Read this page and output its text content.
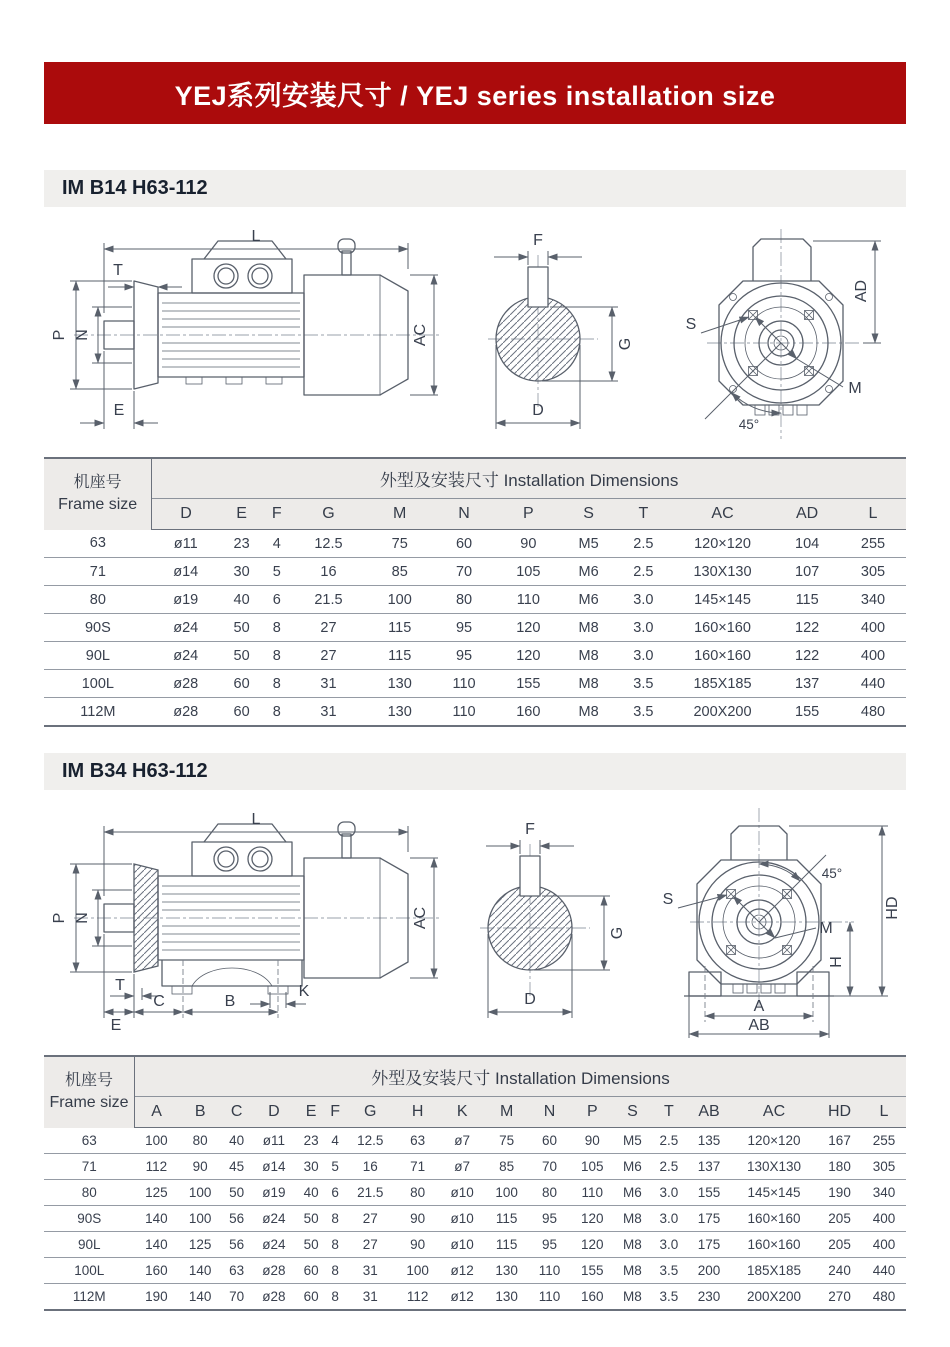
YEJ系列安装尺寸 / YEJ series installation size
IM B14 H63-112
L
T
P N
E
AC
F
G
D
S
M
AD
45°
机座号
Frame size	外型及安装尺寸 Installation Dimensions											
	D	E	F	G	M	N	P	S	T	AC	AD	L
63	ø11	23	4	12.5	75	60	90	M5	2.5	120×120	104	255
71	ø14	30	5	16	85	70	105	M6	2.5	130X130	107	305
80	ø19	40	6	21.5	100	80	110	M6	3.0	145×145	115	340
90S	ø24	50	8	27	115	95	120	M8	3.0	160×160	122	400
90L	ø24	50	8	27	115	95	120	M8	3.0	160×160	122	400
100L	ø28	60	8	31	130	110	155	M8	3.5	185X185	137	440
112M	ø28	60	8	31	130	110	160	M8	3.5	200X200	155	480
IM B34 H63-112
L
P N	AC
T
E
C	B
K
F
G
D
S
M
45°
H
HD
A
AB
机座号
Frame size	外型及安装尺寸 Installation Dimensions																	
	A	B	C	D	E	F	G	H	K	M	N	P	S	T	AB	AC	HD	L
63	100	80	40	ø11	23	4	12.5	63	ø7	75	60	90	M5	2.5	135	120×120	167	255
71	112	90	45	ø14	30	5	16	71	ø7	85	70	105	M6	2.5	137	130X130	180	305
80	125	100	50	ø19	40	6	21.5	80	ø10	100	80	110	M6	3.0	155	145×145	190	340
90S	140	100	56	ø24	50	8	27	90	ø10	115	95	120	M8	3.0	175	160×160	205	400
90L	140	125	56	ø24	50	8	27	90	ø10	115	95	120	M8	3.0	175	160×160	205	400
100L	160	140	63	ø28	60	8	31	100	ø12	130	110	155	M8	3.5	200	185X185	240	440
112M	190	140	70	ø28	60	8	31	112	ø12	130	110	160	M8	3.5	230	200X200	270	480
